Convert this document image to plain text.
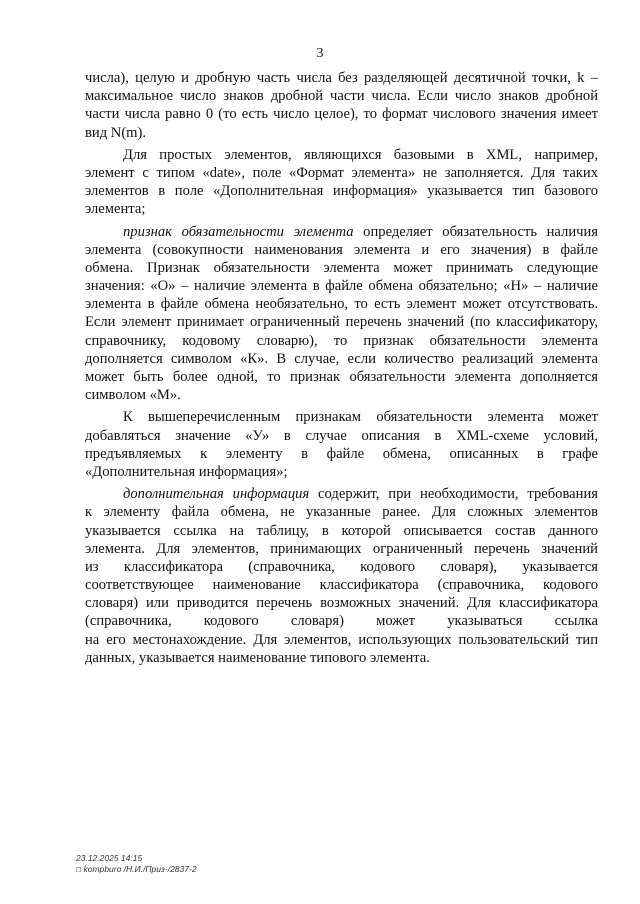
3

числа), целую и дробную часть числа без разделяющей десятичной точки, k –
максимальное число знаков дробной части числа. Если число знаков дробной
части числа равно 0 (то есть число целое), то формат числового значения имеет
вид N(m).

Для простых элементов, являющихся базовыми в XML, например,
элемент с типом «date», поле «Формат элемента» не заполняется. Для таких
элементов в поле «Дополнительная информация» указывается тип базового
элемента;

признак обязательности элемента определяет обязательность наличия
элемента (совокупности наименования элемента и его значения) в файле
обмена. Признак обязательности элемента может принимать следующие
значения: «О» – наличие элемента в файле обмена обязательно; «Н» – наличие
элемента в файле обмена необязательно, то есть элемент может отсутствовать.
Если элемент принимает ограниченный перечень значений (по классификатору,
справочнику, кодовому словарю), то признак обязательности элемента
дополняется символом «К». В случае, если количество реализаций элемента
может быть более одной, то признак обязательности элемента дополняется
символом «М».

К вышеперечисленным признакам обязательности элемента может
добавляться значение «У» в случае описания в XML-схеме условий,
предъявляемых к элементу в файле обмена, описанных в графе
«Дополнительная информация»;

дополнительная информация содержит, при необходимости, требования
к элементу файла обмена, не указанные ранее. Для сложных элементов
указывается ссылка на таблицу, в которой описывается состав данного
элемента. Для элементов, принимающих ограниченный перечень значений
из классификатора (справочника, кодового словаря), указывается
соответствующее наименование классификатора (справочника, кодового
словаря) или приводится перечень возможных значений. Для классификатора
(справочника, кодового словаря) может указываться ссылка
на его местонахождение. Для элементов, использующих пользовательский тип
данных, указывается наименование типового элемента.

23.12.2025 14:15
□ kompburo /Н.И./Приз-/2837-2
